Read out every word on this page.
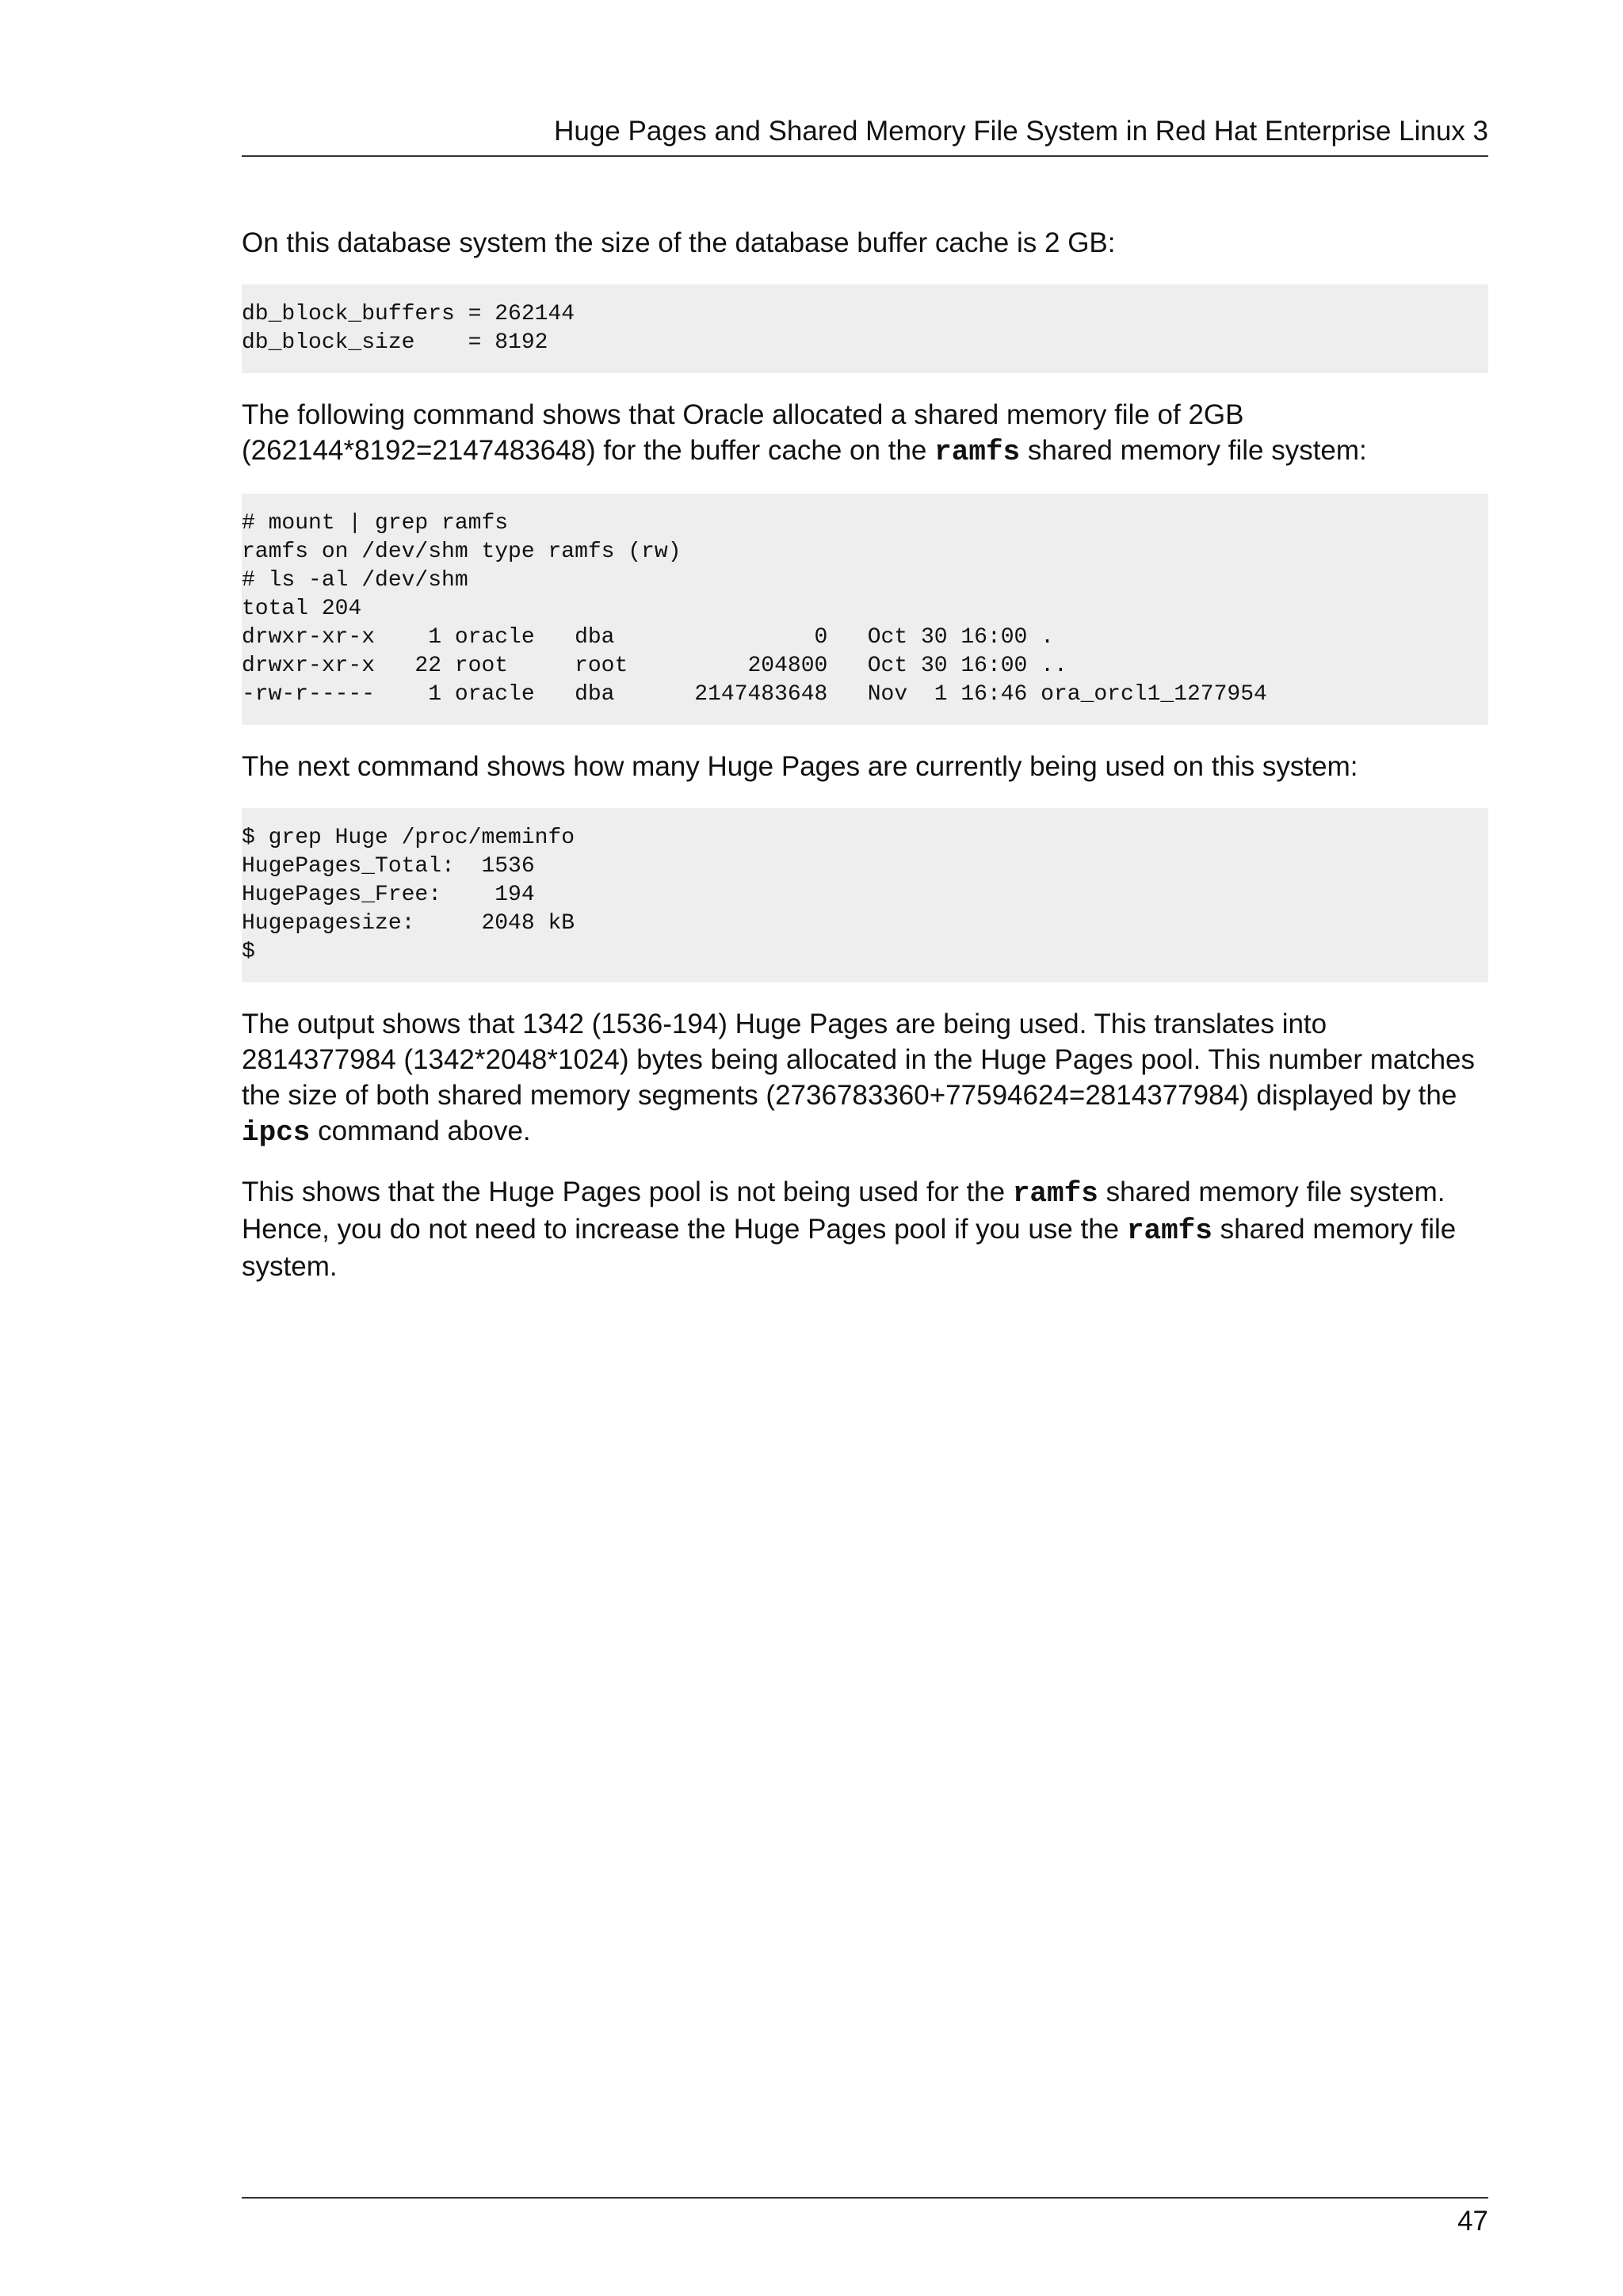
Huge Pages and Shared Memory File System in Red Hat Enterprise Linux 3

On this database system the size of the database buffer cache is 2 GB:

db_block_buffers = 262144
db_block_size    = 8192

The following command shows that Oracle allocated a shared memory file of 2GB (262144*8192=2147483648) for the buffer cache on the ramfs shared memory file system:

# mount | grep ramfs
ramfs on /dev/shm type ramfs (rw)
# ls -al /dev/shm
total 204
drwxr-xr-x    1 oracle   dba               0   Oct 30 16:00 .
drwxr-xr-x   22 root     root         204800   Oct 30 16:00 ..
-rw-r-----    1 oracle   dba      2147483648   Nov  1 16:46 ora_orcl1_1277954

The next command shows how many Huge Pages are currently being used on this system:

$ grep Huge /proc/meminfo
HugePages_Total:  1536
HugePages_Free:    194
Hugepagesize:     2048 kB
$

The output shows that 1342 (1536-194) Huge Pages are being used. This translates into 2814377984 (1342*2048*1024) bytes being allocated in the Huge Pages pool. This number matches the size of both shared memory segments (2736783360+77594624=2814377984) displayed by the ipcs command above.

This shows that the Huge Pages pool is not being used for the ramfs shared memory file system. Hence, you do not need to increase the Huge Pages pool if you use the ramfs shared memory file system.

47
